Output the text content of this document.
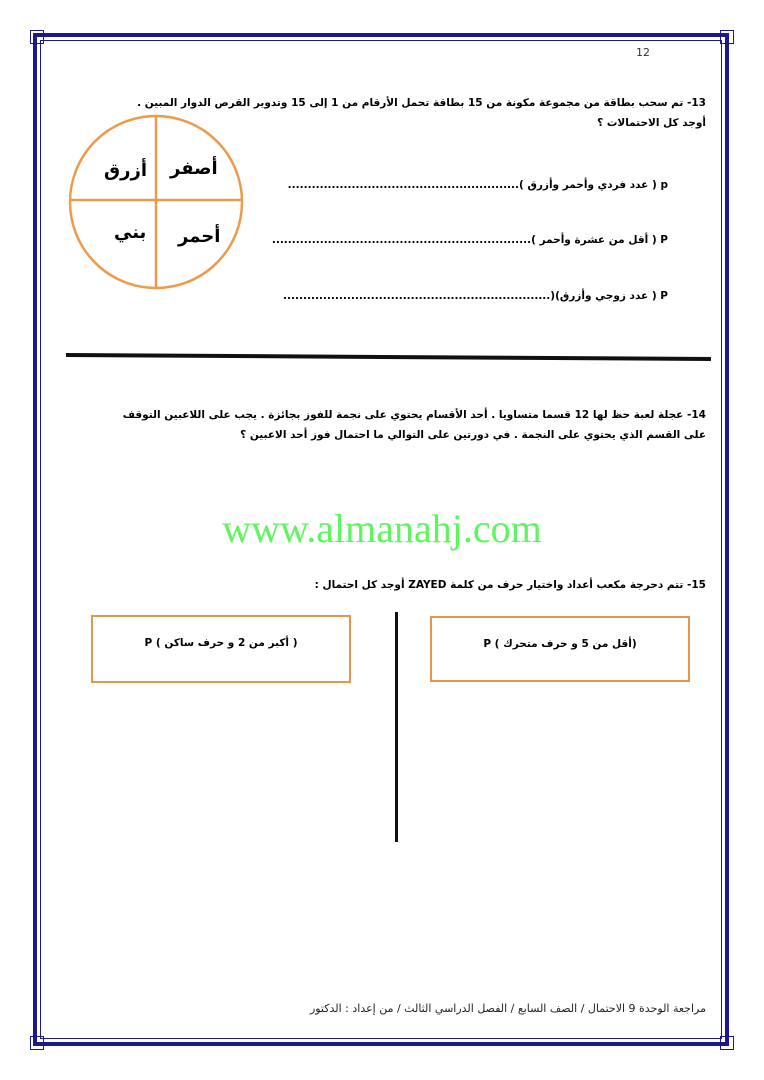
12
13- تم سحب بطاقة من مجموعة مكونة من 15 بطاقة تحمل الأرقام من 1 إلى 15 وتدوير القرص الدوار المبين . أوجد كل الاحتمالات ؟
أصفر
أزرق
أحمر
بني
p ( عدد فردي وأحمر وأزرق )..........................................................
P ( أقل من عشرة وأحمر ).................................................................
P ( عدد زوجي وأزرق)(...................................................................
14- عجلة لعبة حظ لها 12 قسما متساويا . أحد الأقسام يحتوي على نجمة للفوز بجائزة . يجب على اللاعبين التوقف على القسم الذي يحتوي على النجمة . في دورتين على التوالي ما احتمال فوز أحد الاعبين ؟
www.almanahj.com
15- تتم دحرجة مكعب أعداد واختيار حرف من كلمة ZAYED أوجد كل احتمال :
(أقل من 5 و حرف متحرك ) P
( أكبر من 2 و حرف ساكن ) P
مراجعة الوحدة 9 الاحتمال / الصف السابع / الفصل الدراسي الثالث / من إعداد : الدكتور
